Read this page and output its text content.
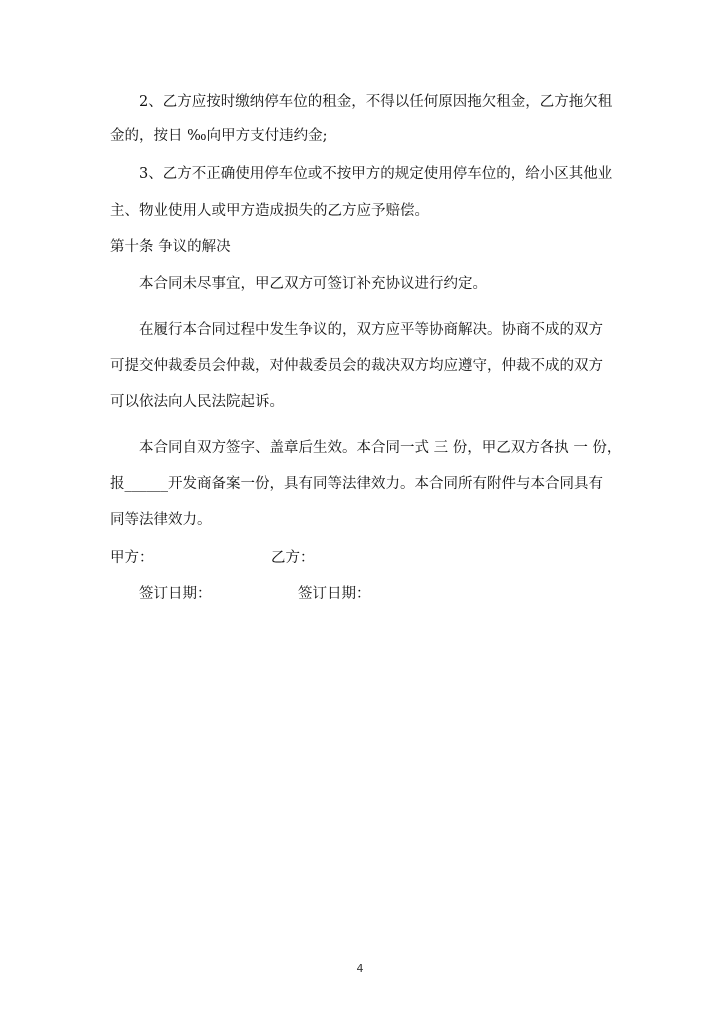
2、乙方应按时缴纳停车位的租金，不得以任何原因拖欠租金，乙方拖欠租
金的，按日 ‰向甲方支付违约金;
3、乙方不正确使用停车位或不按甲方的规定使用停车位的，给小区其他业
主、物业使用人或甲方造成损失的乙方应予赔偿。
第十条 争议的解决
本合同未尽事宜，甲乙双方可签订补充协议进行约定。
在履行本合同过程中发生争议的，双方应平等协商解决。协商不成的双方
可提交仲裁委员会仲裁，对仲裁委员会的裁决双方均应遵守，仲裁不成的双方
可以依法向人民法院起诉。
本合同自双方签字、盖章后生效。本合同一式 三 份，甲乙双方各执 一 份，
报______开发商备案一份，具有同等法律效力。本合同所有附件与本合同具有
同等法律效力。
甲方：	乙方：
签订日期：	签订日期：
4
